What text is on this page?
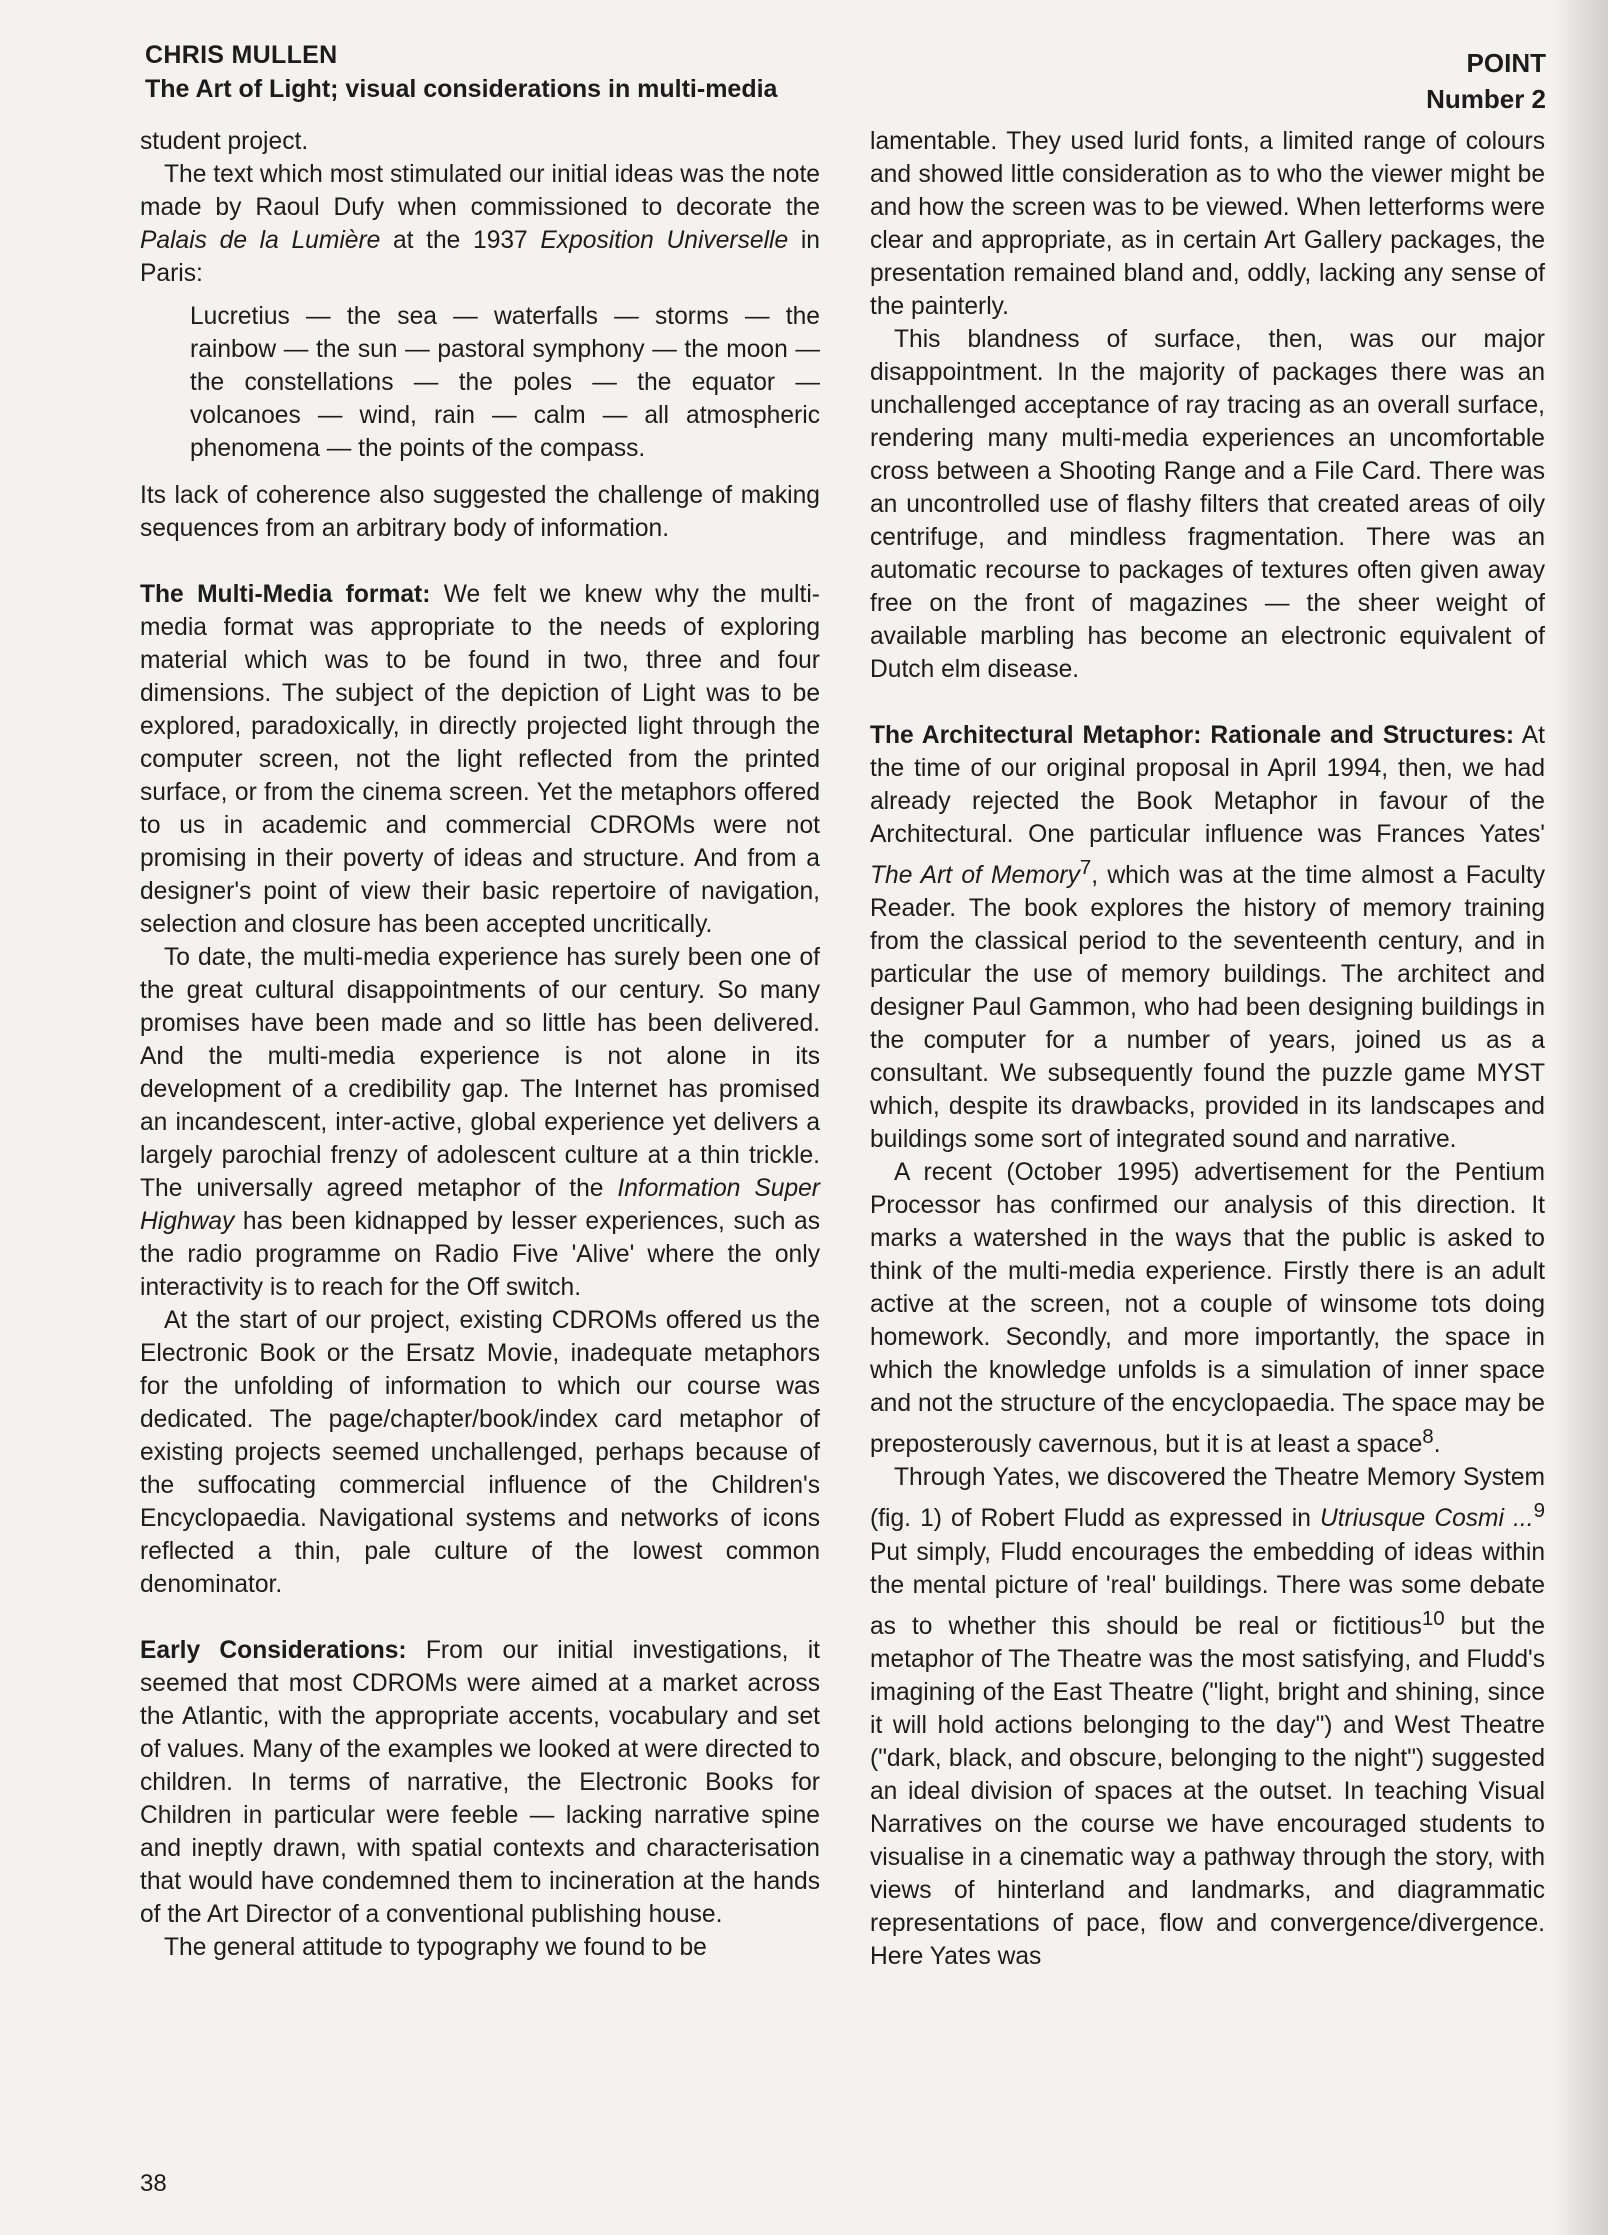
CHRIS MULLEN
The Art of Light; visual considerations in multi-media
POINT
Number 2

student project.

The text which most stimulated our initial ideas was the note made by Raoul Dufy when commissioned to decorate the Palais de la Lumière at the 1937 Exposition Universelle in Paris:

Lucretius — the sea — waterfalls — storms — the rainbow — the sun — pastoral symphony — the moon — the constellations — the poles — the equator — volcanoes — wind, rain — calm — all atmospheric phenomena — the points of the compass.

Its lack of coherence also suggested the challenge of making sequences from an arbitrary body of information.

The Multi-Media format: We felt we knew why the multi-media format was appropriate to the needs of exploring material which was to be found in two, three and four dimensions. The subject of the depiction of Light was to be explored, paradoxically, in directly projected light through the computer screen, not the light reflected from the printed surface, or from the cinema screen. Yet the metaphors offered to us in academic and commercial CDROMs were not promising in their poverty of ideas and structure. And from a designer's point of view their basic repertoire of navigation, selection and closure has been accepted uncritically.

To date, the multi-media experience has surely been one of the great cultural disappointments of our century. So many promises have been made and so little has been delivered. And the multi-media experience is not alone in its development of a credibility gap. The Internet has promised an incandescent, inter-active, global experience yet delivers a largely parochial frenzy of adolescent culture at a thin trickle. The universally agreed metaphor of the Information Super Highway has been kidnapped by lesser experiences, such as the radio programme on Radio Five 'Alive' where the only interactivity is to reach for the Off switch.

At the start of our project, existing CDROMs offered us the Electronic Book or the Ersatz Movie, inadequate metaphors for the unfolding of information to which our course was dedicated. The page/chapter/book/index card metaphor of existing projects seemed unchallenged, perhaps because of the suffocating commercial influence of the Children's Encyclopaedia. Navigational systems and networks of icons reflected a thin, pale culture of the lowest common denominator.

Early Considerations: From our initial investigations, it seemed that most CDROMs were aimed at a market across the Atlantic, with the appropriate accents, vocabulary and set of values. Many of the examples we looked at were directed to children. In terms of narrative, the Electronic Books for Children in particular were feeble — lacking narrative spine and ineptly drawn, with spatial contexts and characterisation that would have condemned them to incineration at the hands of the Art Director of a conventional publishing house.

The general attitude to typography we found to be

lamentable. They used lurid fonts, a limited range of colours and showed little consideration as to who the viewer might be and how the screen was to be viewed. When letterforms were clear and appropriate, as in certain Art Gallery packages, the presentation remained bland and, oddly, lacking any sense of the painterly.

This blandness of surface, then, was our major disappointment. In the majority of packages there was an unchallenged acceptance of ray tracing as an overall surface, rendering many multi-media experiences an uncomfortable cross between a Shooting Range and a File Card. There was an uncontrolled use of flashy filters that created areas of oily centrifuge, and mindless fragmentation. There was an automatic recourse to packages of textures often given away free on the front of magazines — the sheer weight of available marbling has become an electronic equivalent of Dutch elm disease.

The Architectural Metaphor: Rationale and Structures: At the time of our original proposal in April 1994, then, we had already rejected the Book Metaphor in favour of the Architectural. One particular influence was Frances Yates' The Art of Memory$^7$, which was at the time almost a Faculty Reader. The book explores the history of memory training from the classical period to the seventeenth century, and in particular the use of memory buildings. The architect and designer Paul Gammon, who had been designing buildings in the computer for a number of years, joined us as a consultant. We subsequently found the puzzle game MYST which, despite its drawbacks, provided in its landscapes and buildings some sort of integrated sound and narrative.

A recent (October 1995) advertisement for the Pentium Processor has confirmed our analysis of this direction. It marks a watershed in the ways that the public is asked to think of the multi-media experience. Firstly there is an adult active at the screen, not a couple of winsome tots doing homework. Secondly, and more importantly, the space in which the knowledge unfolds is a simulation of inner space and not the structure of the encyclopaedia. The space may be preposterously cavernous, but it is at least a space$^8$.

Through Yates, we discovered the Theatre Memory System (fig. 1) of Robert Fludd as expressed in Utriusque Cosmi ...$^9$ Put simply, Fludd encourages the embedding of ideas within the mental picture of 'real' buildings. There was some debate as to whether this should be real or fictitious$^{10}$ but the metaphor of The Theatre was the most satisfying, and Fludd's imagining of the East Theatre ("light, bright and shining, since it will hold actions belonging to the day") and West Theatre ("dark, black, and obscure, belonging to the night") suggested an ideal division of spaces at the outset. In teaching Visual Narratives on the course we have encouraged students to visualise in a cinematic way a pathway through the story, with views of hinterland and landmarks, and diagrammatic representations of pace, flow and convergence/divergence. Here Yates was

38
